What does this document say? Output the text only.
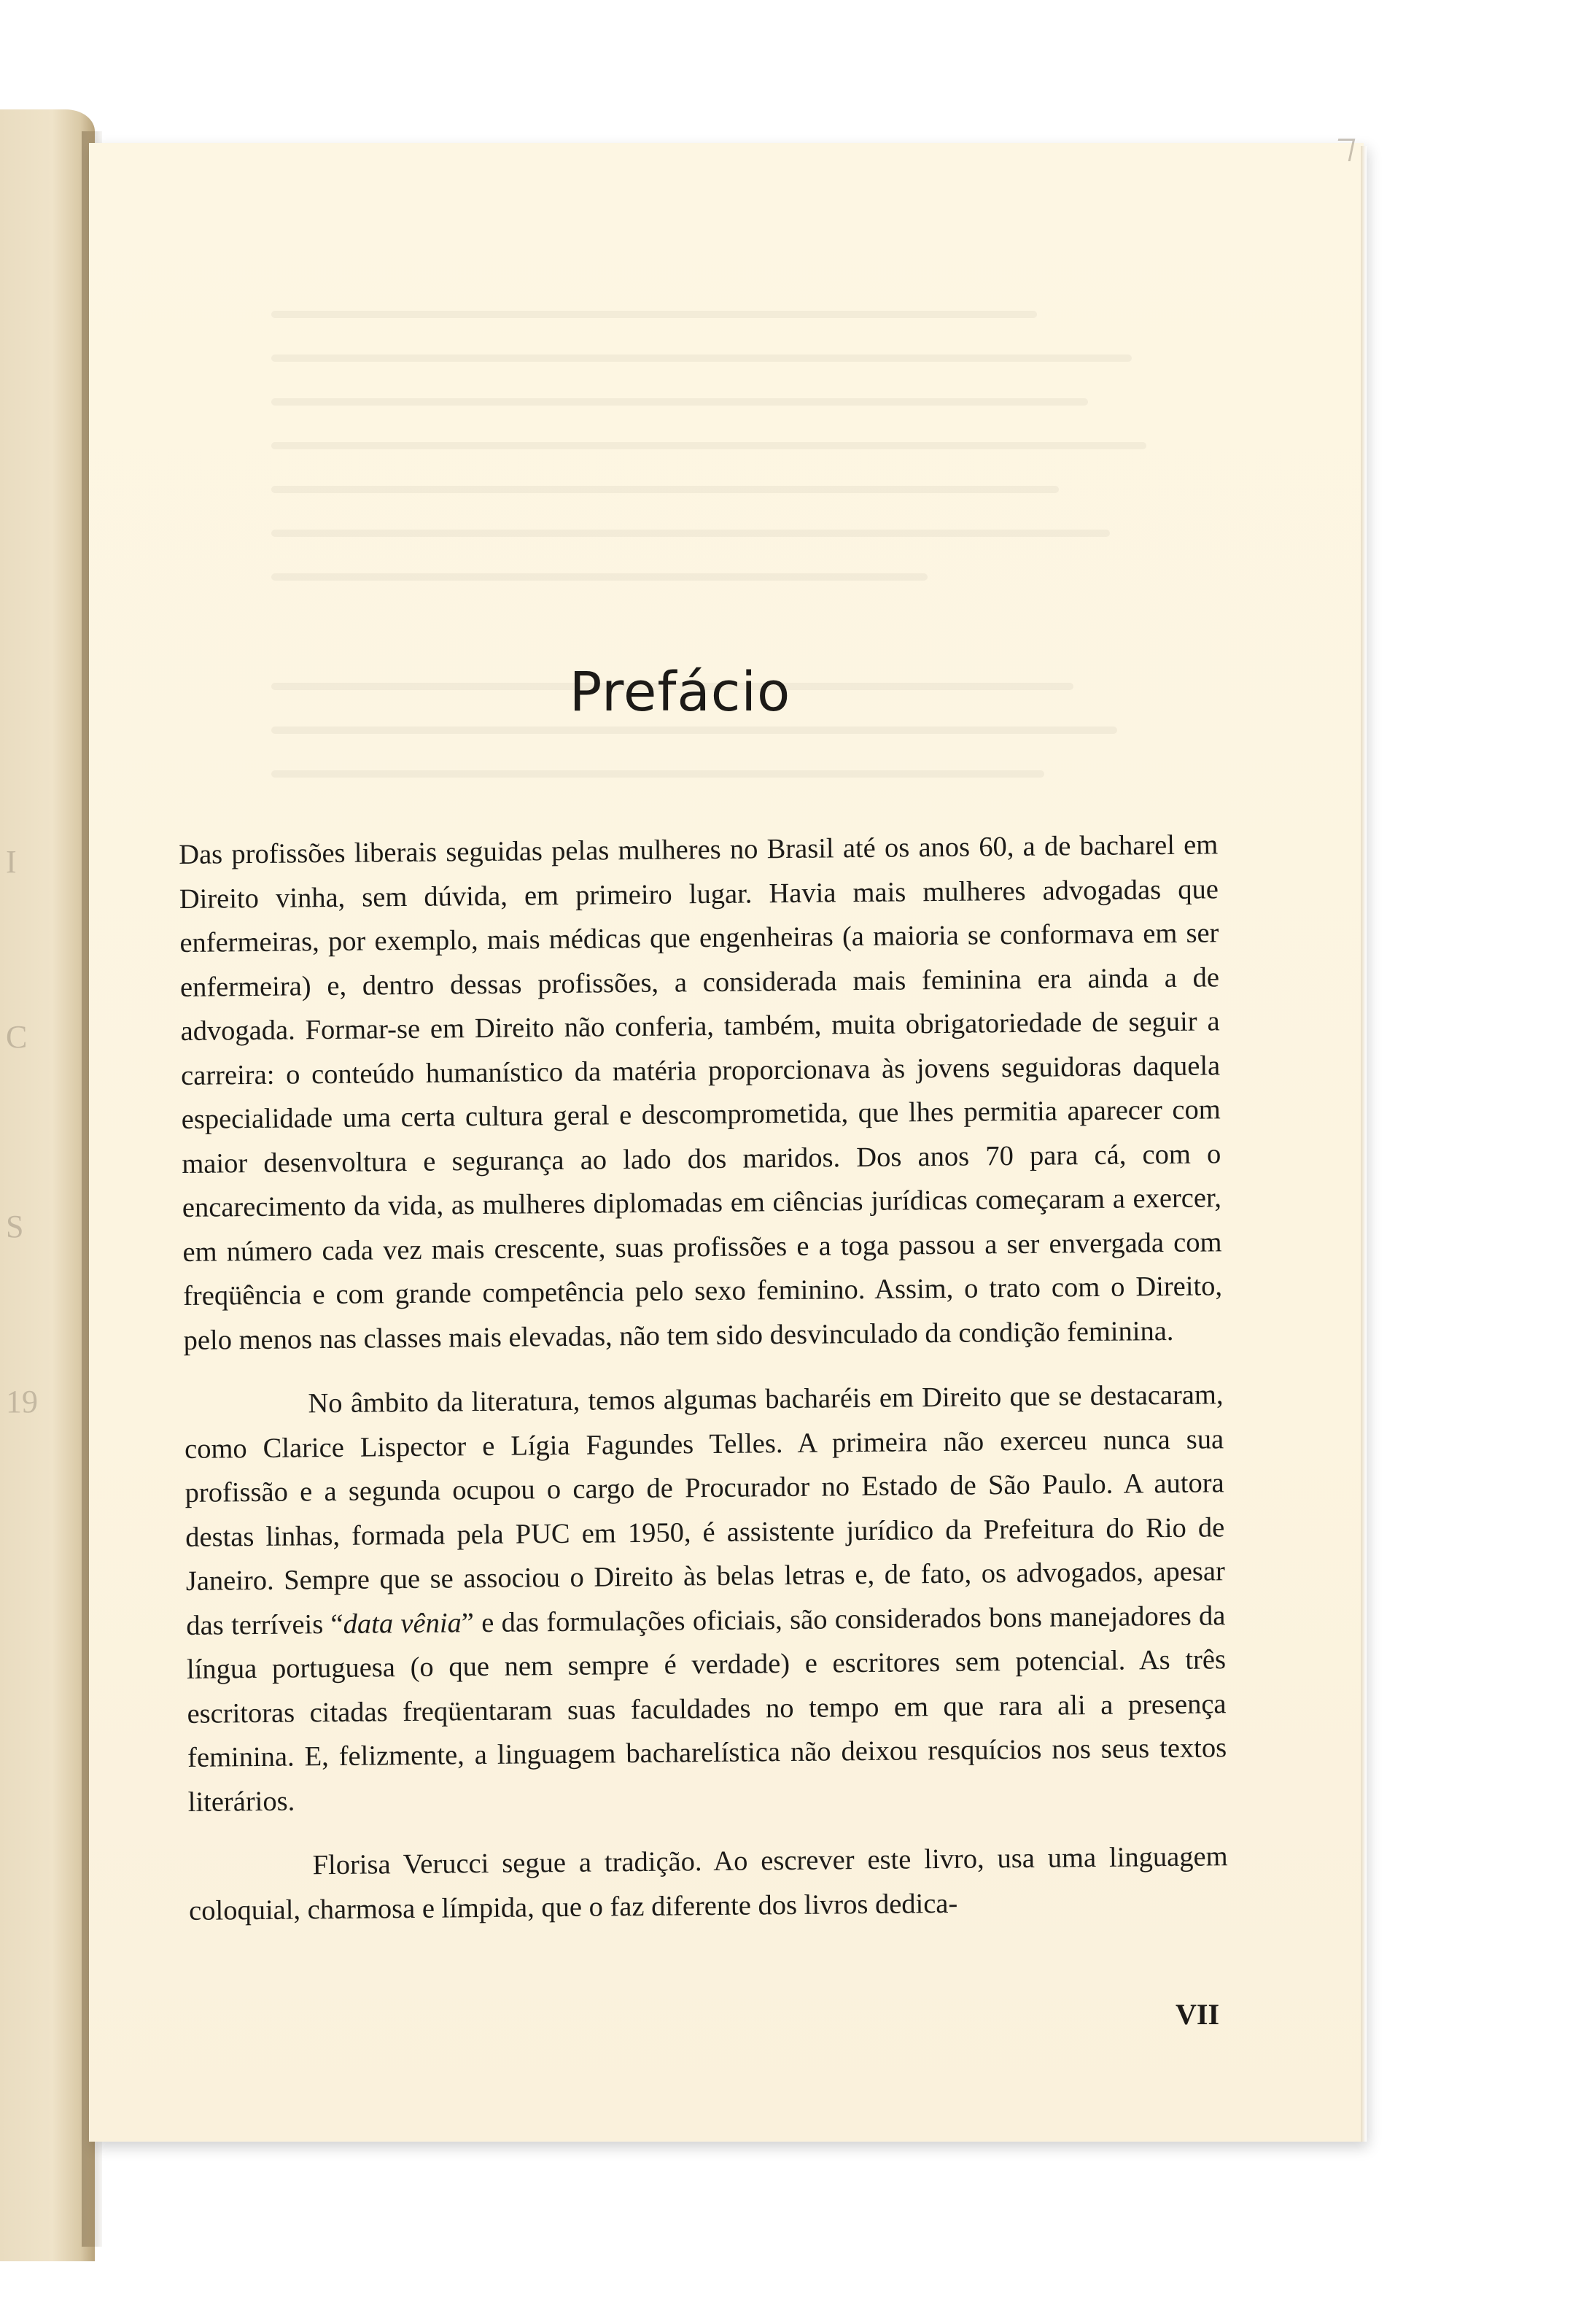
I
C
S
19
Prefácio

Das profissões liberais seguidas pelas mulheres no Brasil até os anos 60, a de bacharel em Direito vinha, sem dúvida, em primeiro lugar. Havia mais mulheres advogadas que enfermeiras, por exemplo, mais médicas que engenheiras (a maioria se conformava em ser enfermeira) e, dentro dessas profissões, a considerada mais feminina era ainda a de advogada. Formar-se em Direito não conferia, também, muita obrigatoriedade de seguir a carreira: o conteúdo humanístico da matéria proporcionava às jovens seguidoras daquela especialidade uma certa cultura geral e descomprometida, que lhes permitia aparecer com maior desenvoltura e segurança ao lado dos maridos. Dos anos 70 para cá, com o encarecimento da vida, as mulheres diplomadas em ciências jurídicas começaram a exercer, em número cada vez mais crescente, suas profissões e a toga passou a ser envergada com freqüência e com grande competência pelo sexo feminino. Assim, o trato com o Direito, pelo menos nas classes mais elevadas, não tem sido desvinculado da condição feminina.

No âmbito da literatura, temos algumas bacharéis em Direito que se destacaram, como Clarice Lispector e Lígia Fagundes Telles. A primeira não exerceu nunca sua profissão e a segunda ocupou o cargo de Procurador no Estado de São Paulo. A autora destas linhas, formada pela PUC em 1950, é assistente jurídico da Prefeitura do Rio de Janeiro. Sempre que se associou o Direito às belas letras e, de fato, os advogados, apesar das terríveis “data vênia” e das formulações oficiais, são considerados bons manejadores da língua portuguesa (o que nem sempre é verdade) e escritores sem potencial. As três escritoras citadas freqüentaram suas faculdades no tempo em que rara ali a presença feminina. E, felizmente, a linguagem bacharelística não deixou resquícios nos seus textos literários.

Florisa Verucci segue a tradição. Ao escrever este livro, usa uma linguagem coloquial, charmosa e límpida, que o faz diferente dos livros dedica-

VII
